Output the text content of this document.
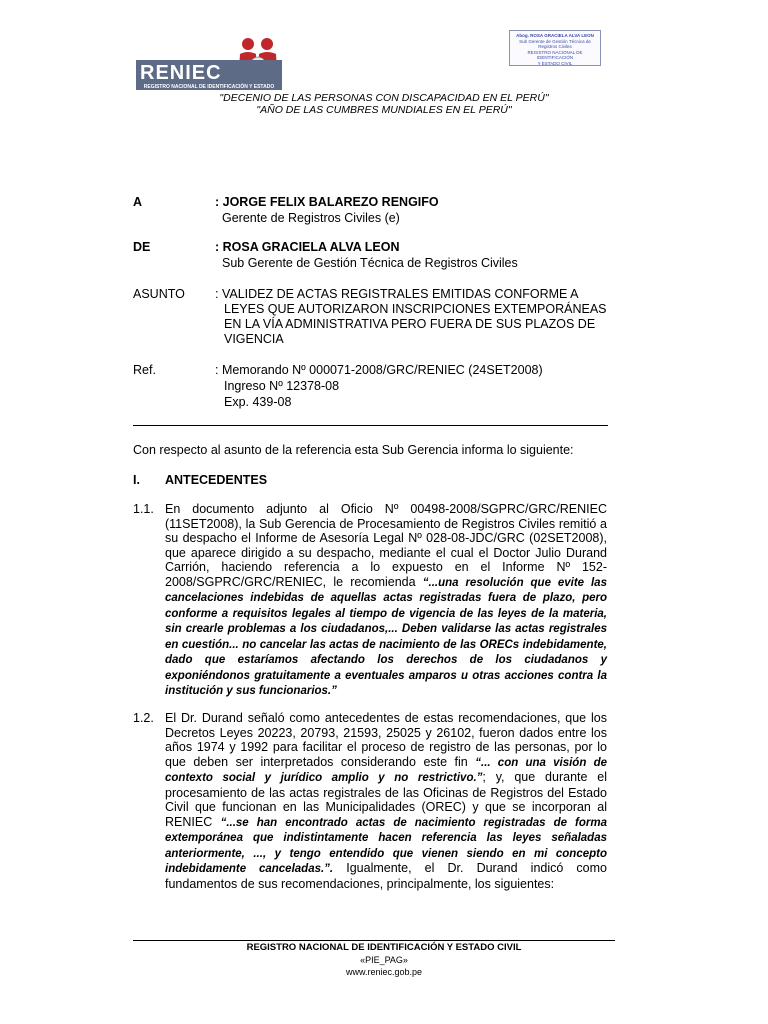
RENIEC
REGISTRO NACIONAL DE IDENTIFICACIÓN Y ESTADO CIVIL
Abog. ROSA GRACIELA ALVA LEON
Sub Gerente de Gestión Técnica de
Registros Civiles
REGISTRO NACIONAL DE IDENTIFICACIÓN
Y ESTADO CIVIL
"DECENIO DE LAS PERSONAS CON DISCAPACIDAD EN EL PERÚ"
"AÑO DE LAS CUMBRES MUNDIALES EN EL PERÚ"
A	: JORGE FELIX BALAREZO RENGIFO
Gerente de Registros Civiles (e)
DE	: ROSA GRACIELA ALVA LEON
Sub Gerente de Gestión Técnica de Registros Civiles
ASUNTO : VALIDEZ DE ACTAS REGISTRALES EMITIDAS CONFORME A
LEYES QUE AUTORIZARON INSCRIPCIONES EXTEMPORÁNEAS
EN LA VÍA ADMINISTRATIVA PERO FUERA DE SUS PLAZOS DE
VIGENCIA
Ref.	: Memorando Nº 000071-2008/GRC/RENIEC (24SET2008)
Ingreso Nº 12378-08
Exp. 439-08
Con respecto al asunto de la referencia esta Sub Gerencia informa lo siguiente:
I. ANTECEDENTES
1.1. En documento adjunto al Oficio Nº 00498-2008/SGPRC/GRC/RENIEC (11SET2008), la Sub Gerencia de Procesamiento de Registros Civiles remitió a su despacho el Informe de Asesoría Legal Nº 028-08-JDC/GRC (02SET2008), que aparece dirigido a su despacho, mediante el cual el Doctor Julio Durand Carrión, haciendo referencia a lo expuesto en el Informe Nº 152-2008/SGPRC/GRC/RENIEC, le recomienda “...una resolución que evite las cancelaciones indebidas de aquellas actas registradas fuera de plazo, pero conforme a requisitos legales al tiempo de vigencia de las leyes de la materia, sin crearle problemas a los ciudadanos,... Deben validarse las actas registrales en cuestión... no cancelar las actas de nacimiento de las ORECs indebidamente, dado que estaríamos afectando los derechos de los ciudadanos y exponiéndonos gratuitamente a eventuales amparos u otras acciones contra la institución y sus funcionarios.”
1.2. El Dr. Durand señaló como antecedentes de estas recomendaciones, que los Decretos Leyes 20223, 20793, 21593, 25025 y 26102, fueron dados entre los años 1974 y 1992 para facilitar el proceso de registro de las personas, por lo que deben ser interpretados considerando este fin “... con una visión de contexto social y jurídico amplio y no restrictivo.”; y, que durante el procesamiento de las actas registrales de las Oficinas de Registros del Estado Civil que funcionan en las Municipalidades (OREC) y que se incorporan al RENIEC “...se han encontrado actas de nacimiento registradas de forma extemporánea que indistintamente hacen referencia las leyes señaladas anteriormente, ..., y tengo entendido que vienen siendo en mi concepto indebidamente canceladas.”. Igualmente, el Dr. Durand indicó como fundamentos de sus recomendaciones, principalmente, los siguientes:
REGISTRO NACIONAL DE IDENTIFICACIÓN Y ESTADO CIVIL
«PIE_PAG»
www.reniec.gob.pe
